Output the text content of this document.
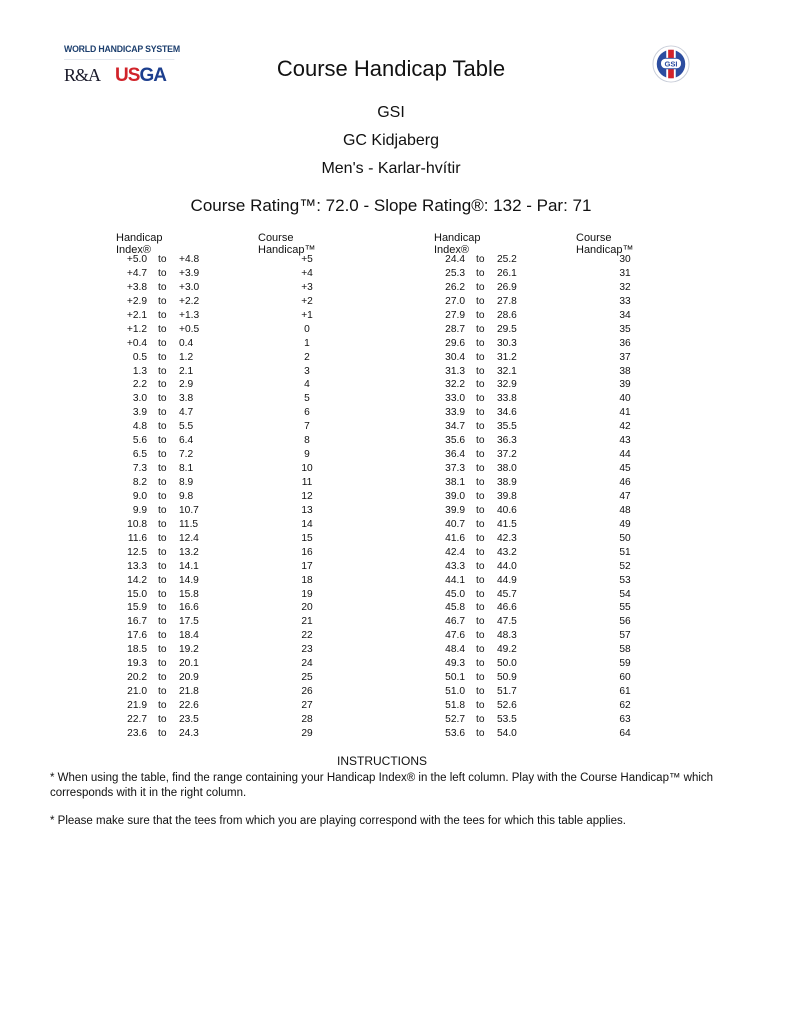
WORLD HANDICAP SYSTEM
R&A USGA
GSI
Course Handicap Table
GSI
GC Kidjaberg
Men's - Karlar-hvítir
Course Rating™: 72.0 - Slope Rating®: 132 - Par: 71
Handicap Index®
Course Handicap™
+5.0 to +4.8	+5
+4.7 to +3.9	+4
+3.8 to +3.0	+3
+2.9 to +2.2	+2
+2.1 to +1.3	+1
+1.2 to +0.5	0
+0.4 to 0.4	1
0.5 to 1.2	2
1.3 to 2.1	3
2.2 to 2.9	4
3.0 to 3.8	5
3.9 to 4.7	6
4.8 to 5.5	7
5.6 to 6.4	8
6.5 to 7.2	9
7.3 to 8.1	10
8.2 to 8.9	11
9.0 to 9.8	12
9.9 to 10.7	13
10.8 to 11.5	14
11.6 to 12.4	15
12.5 to 13.2	16
13.3 to 14.1	17
14.2 to 14.9	18
15.0 to 15.8	19
15.9 to 16.6	20
16.7 to 17.5	21
17.6 to 18.4	22
18.5 to 19.2	23
19.3 to 20.1	24
20.2 to 20.9	25
21.0 to 21.8	26
21.9 to 22.6	27
22.7 to 23.5	28
23.6 to 24.3	29
Handicap Index®
Course Handicap™
24.4 to 25.2	30
25.3 to 26.1	31
26.2 to 26.9	32
27.0 to 27.8	33
27.9 to 28.6	34
28.7 to 29.5	35
29.6 to 30.3	36
30.4 to 31.2	37
31.3 to 32.1	38
32.2 to 32.9	39
33.0 to 33.8	40
33.9 to 34.6	41
34.7 to 35.5	42
35.6 to 36.3	43
36.4 to 37.2	44
37.3 to 38.0	45
38.1 to 38.9	46
39.0 to 39.8	47
39.9 to 40.6	48
40.7 to 41.5	49
41.6 to 42.3	50
42.4 to 43.2	51
43.3 to 44.0	52
44.1 to 44.9	53
45.0 to 45.7	54
45.8 to 46.6	55
46.7 to 47.5	56
47.6 to 48.3	57
48.4 to 49.2	58
49.3 to 50.0	59
50.1 to 50.9	60
51.0 to 51.7	61
51.8 to 52.6	62
52.7 to 53.5	63
53.6 to 54.0	64
INSTRUCTIONS
* When using the table, find the range containing your Handicap Index® in the left column. Play with the Course Handicap™ which corresponds with it in the right column.
* Please make sure that the tees from which you are playing correspond with the tees for which this table applies.
